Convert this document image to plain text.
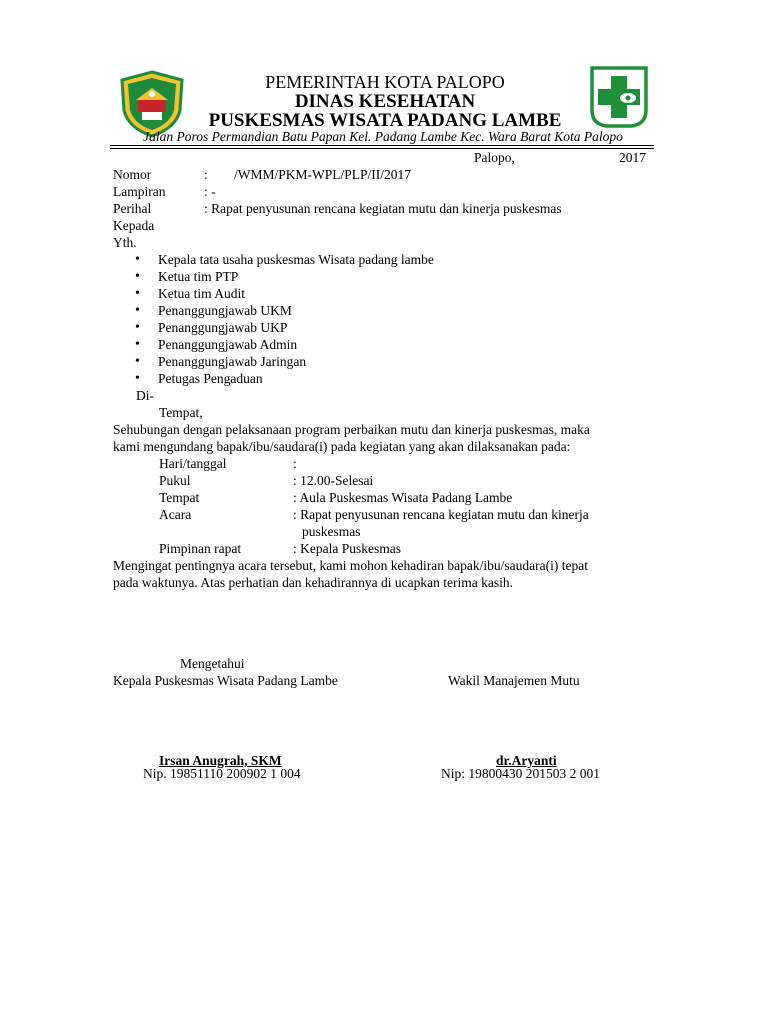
PEMERINTAH KOTA PALOPO
DINAS KESEHATAN
PUSKESMAS WISATA PADANG LAMBE
Jalan Poros Permandian Batu Papan Kel. Padang Lambe Kec. Wara Barat Kota Palopo
Palopo,	2017
Nomor	: /WMM/PKM-WPL/PLP/II/2017
Lampiran	: -
Perihal	: Rapat penyusunan rencana kegiatan mutu dan kinerja puskesmas
Kepada
Yth.
• Kepala tata usaha puskesmas Wisata padang lambe
• Ketua tim PTP
• Ketua tim Audit
• Penanggungjawab UKM
• Penanggungjawab UKP
• Penanggungjawab Admin
• Penanggungjawab Jaringan
• Petugas Pengaduan
Di-
Tempat,
Sehubungan dengan pelaksanaan program perbaikan mutu dan kinerja puskesmas, maka
kami mengundang bapak/ibu/saudara(i) pada kegiatan yang akan dilaksanakan pada:
Hari/tanggal	:
Pukul	: 12.00-Selesai
Tempat	: Aula Puskesmas Wisata Padang Lambe
Acara	: Rapat penyusunan rencana kegiatan mutu dan kinerja
puskesmas
Pimpinan rapat	: Kepala Puskesmas
Mengingat pentingnya acara tersebut, kami mohon kehadiran bapak/ibu/saudara(i) tepat
pada waktunya. Atas perhatian dan kehadirannya di ucapkan terima kasih.
Mengetahui
Kepala Puskesmas Wisata Padang Lambe	Wakil Manajemen Mutu
Irsan Anugrah, SKM
Nip. 19851110 200902 1 004
dr.Aryanti
Nip: 19800430 201503 2 001
